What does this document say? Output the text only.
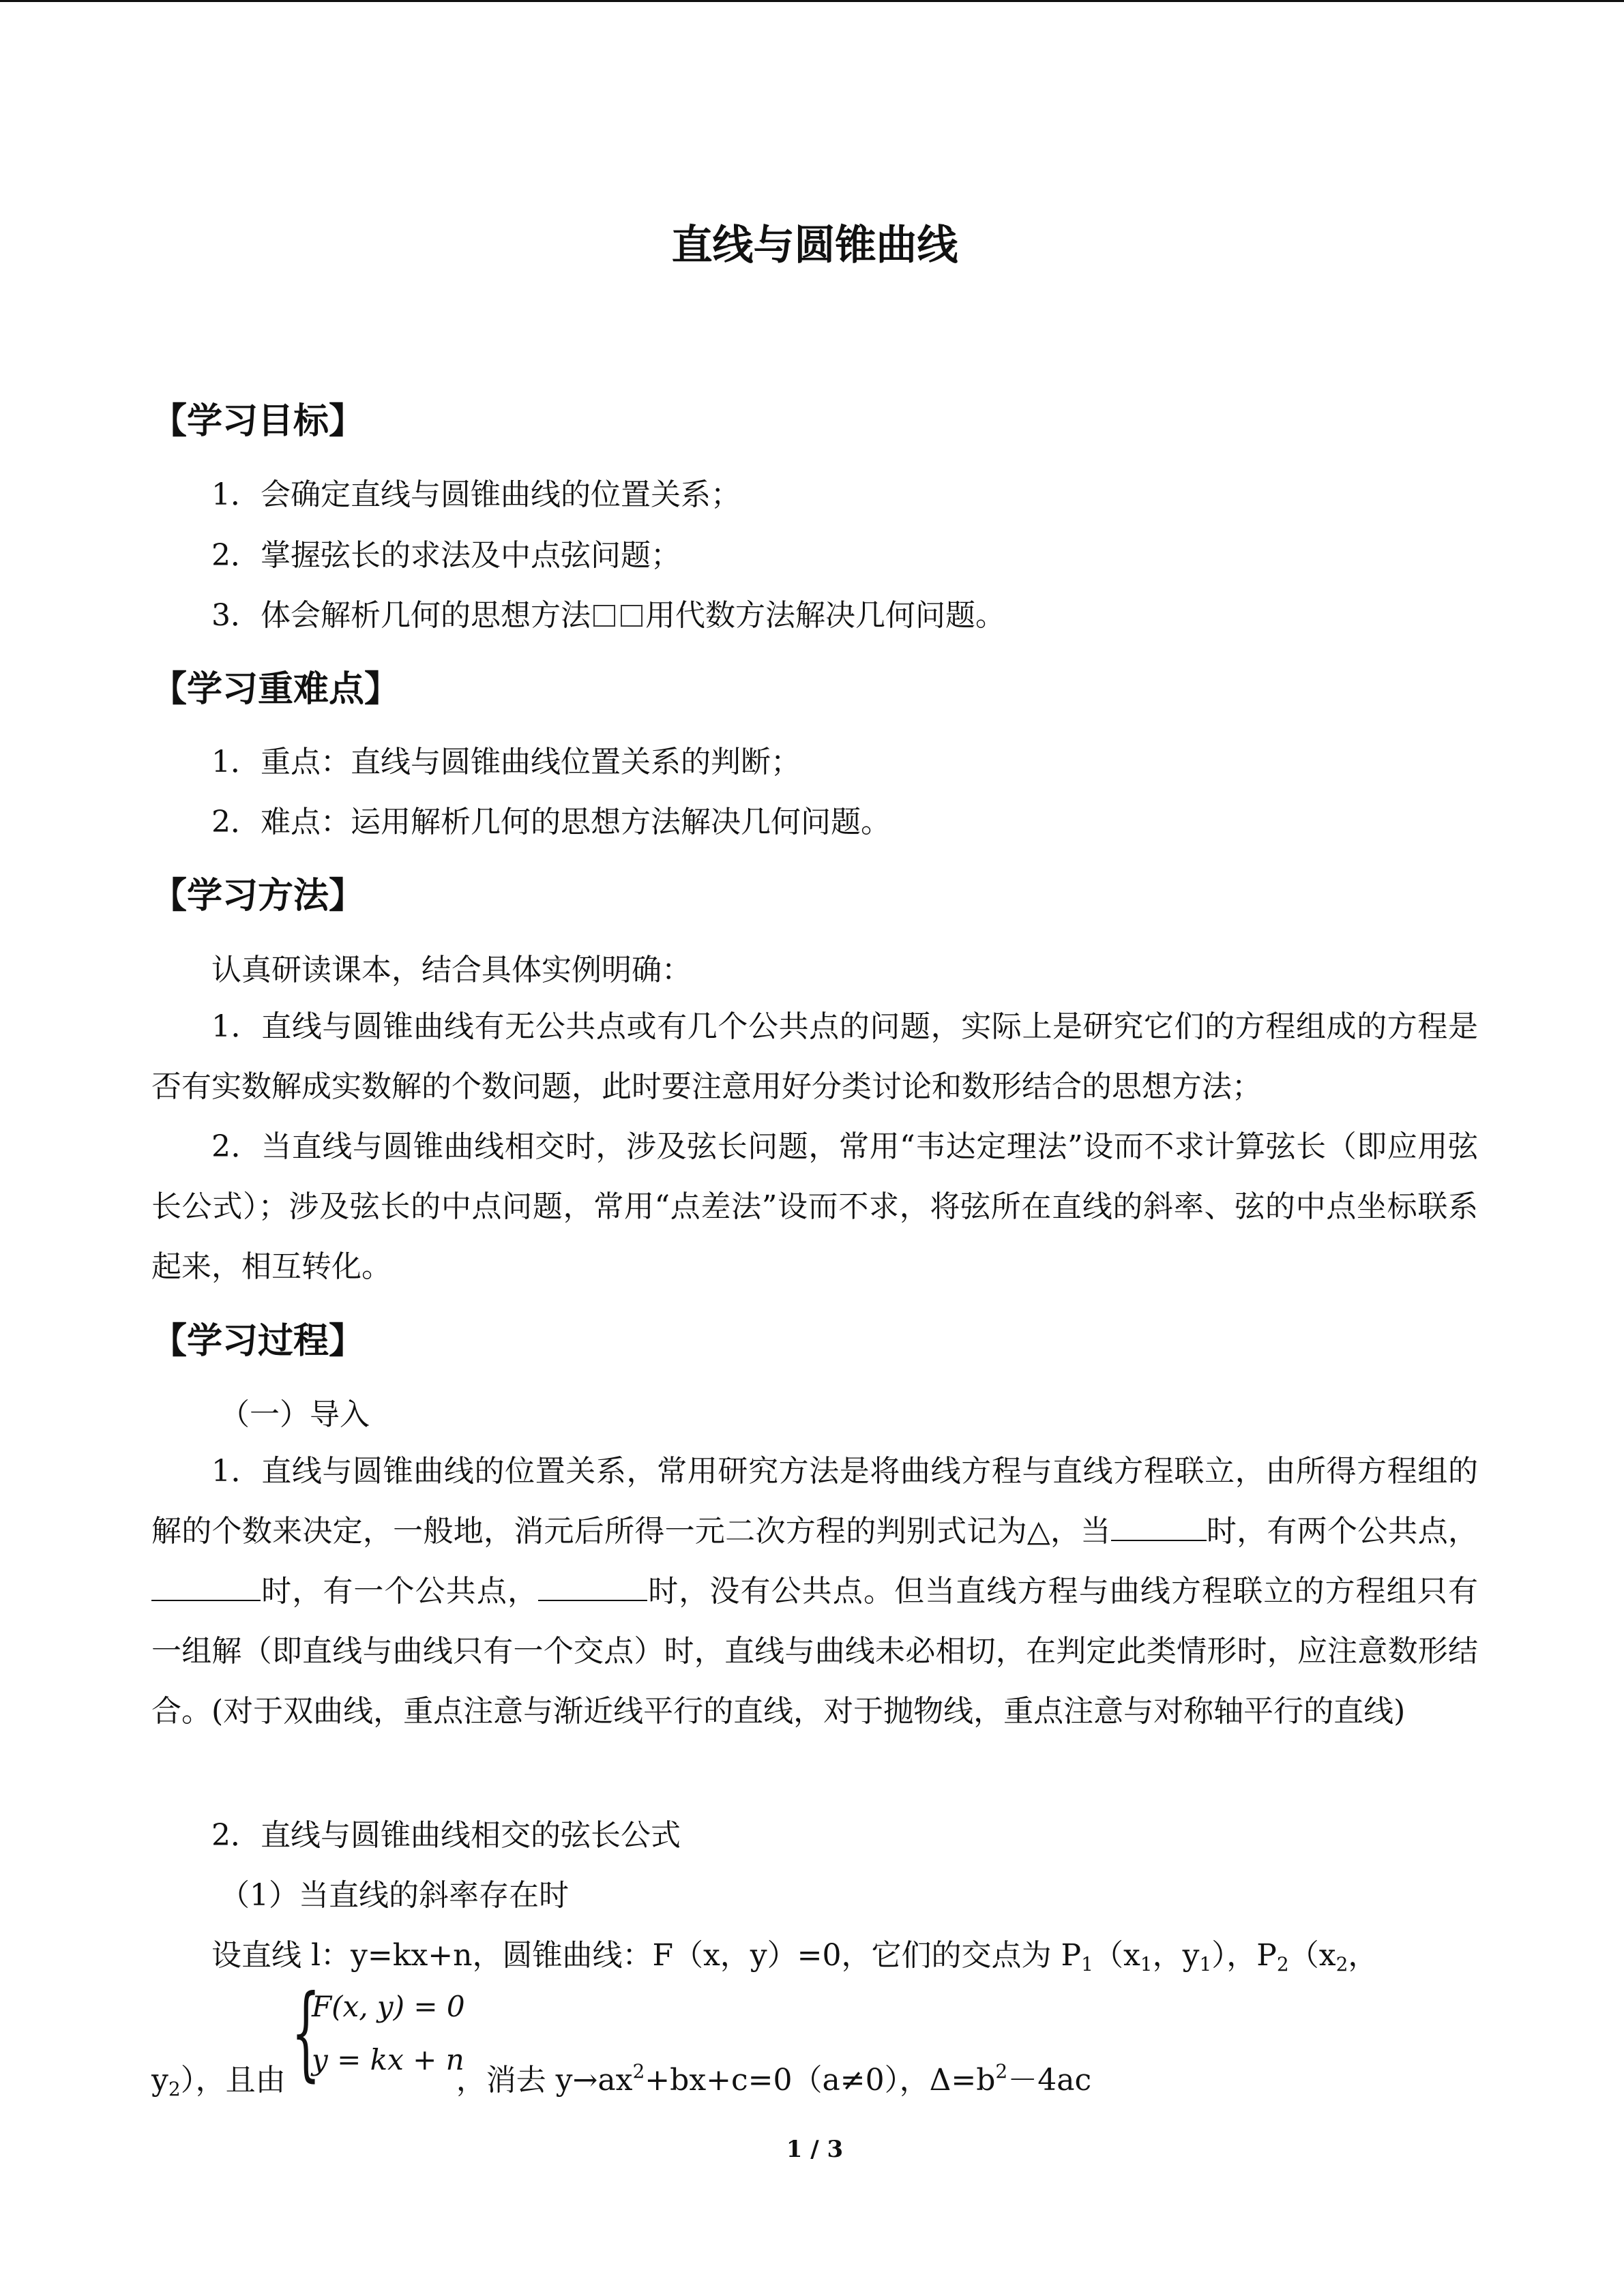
直线与圆锥曲线
【学习目标】
1．会确定直线与圆锥曲线的位置关系；
2．掌握弦长的求法及中点弦问题；
3．体会解析几何的思想方法 用代数方法解决几何问题。
【学习重难点】
1．重点：直线与圆锥曲线位置关系的判断；
2．难点：运用解析几何的思想方法解决几何问题。
【学习方法】
认真研读课本，结合具体实例明确：
1．直线与圆锥曲线有无公共点或有几个公共点的问题，实际上是研究它们的方程组成的方程是否有实数解成实数解的个数问题，此时要注意用好分类讨论和数形结合的思想方法；
2．当直线与圆锥曲线相交时，涉及弦长问题，常用“韦达定理法”设而不求计算弦长（即应用弦长公式）；涉及弦长的中点问题，常用“点差法”设而不求，将弦所在直线的斜率、弦的中点坐标联系起来，相互转化。
【学习过程】
（一）导入
1．直线与圆锥曲线的位置关系，常用研究方法是将曲线方程与直线方程联立，由所得方程组的解的个数来决定，一般地，消元后所得一元二次方程的判别式记为△，当	时，有两个公共点，时，有一个公共点，	时，没有公共点。但当直线方程与曲线方程联立的方程组只有一组解（即直线与曲线只有一个交点）时，直线与曲线未必相切，在判定此类情形时，应注意数形结合。(对于双曲线，重点注意与渐近线平行的直线，对于抛物线，重点注意与对称轴平行的直线)
2．直线与圆锥曲线相交的弦长公式
（1）当直线的斜率存在时
设直线 l：y=kx+n，圆锥曲线：F（x，y）=0，它们的交点为 $P_1(x_1$，$y_1$），$P_2(x_2$，
{
F(x, y) = 0
y = kx + n
$y_2$），且由	，消去 $y\to ax^2+bx+c=0(a\ne 0)$，$\Delta=b^2-4ac$
1 / 3
